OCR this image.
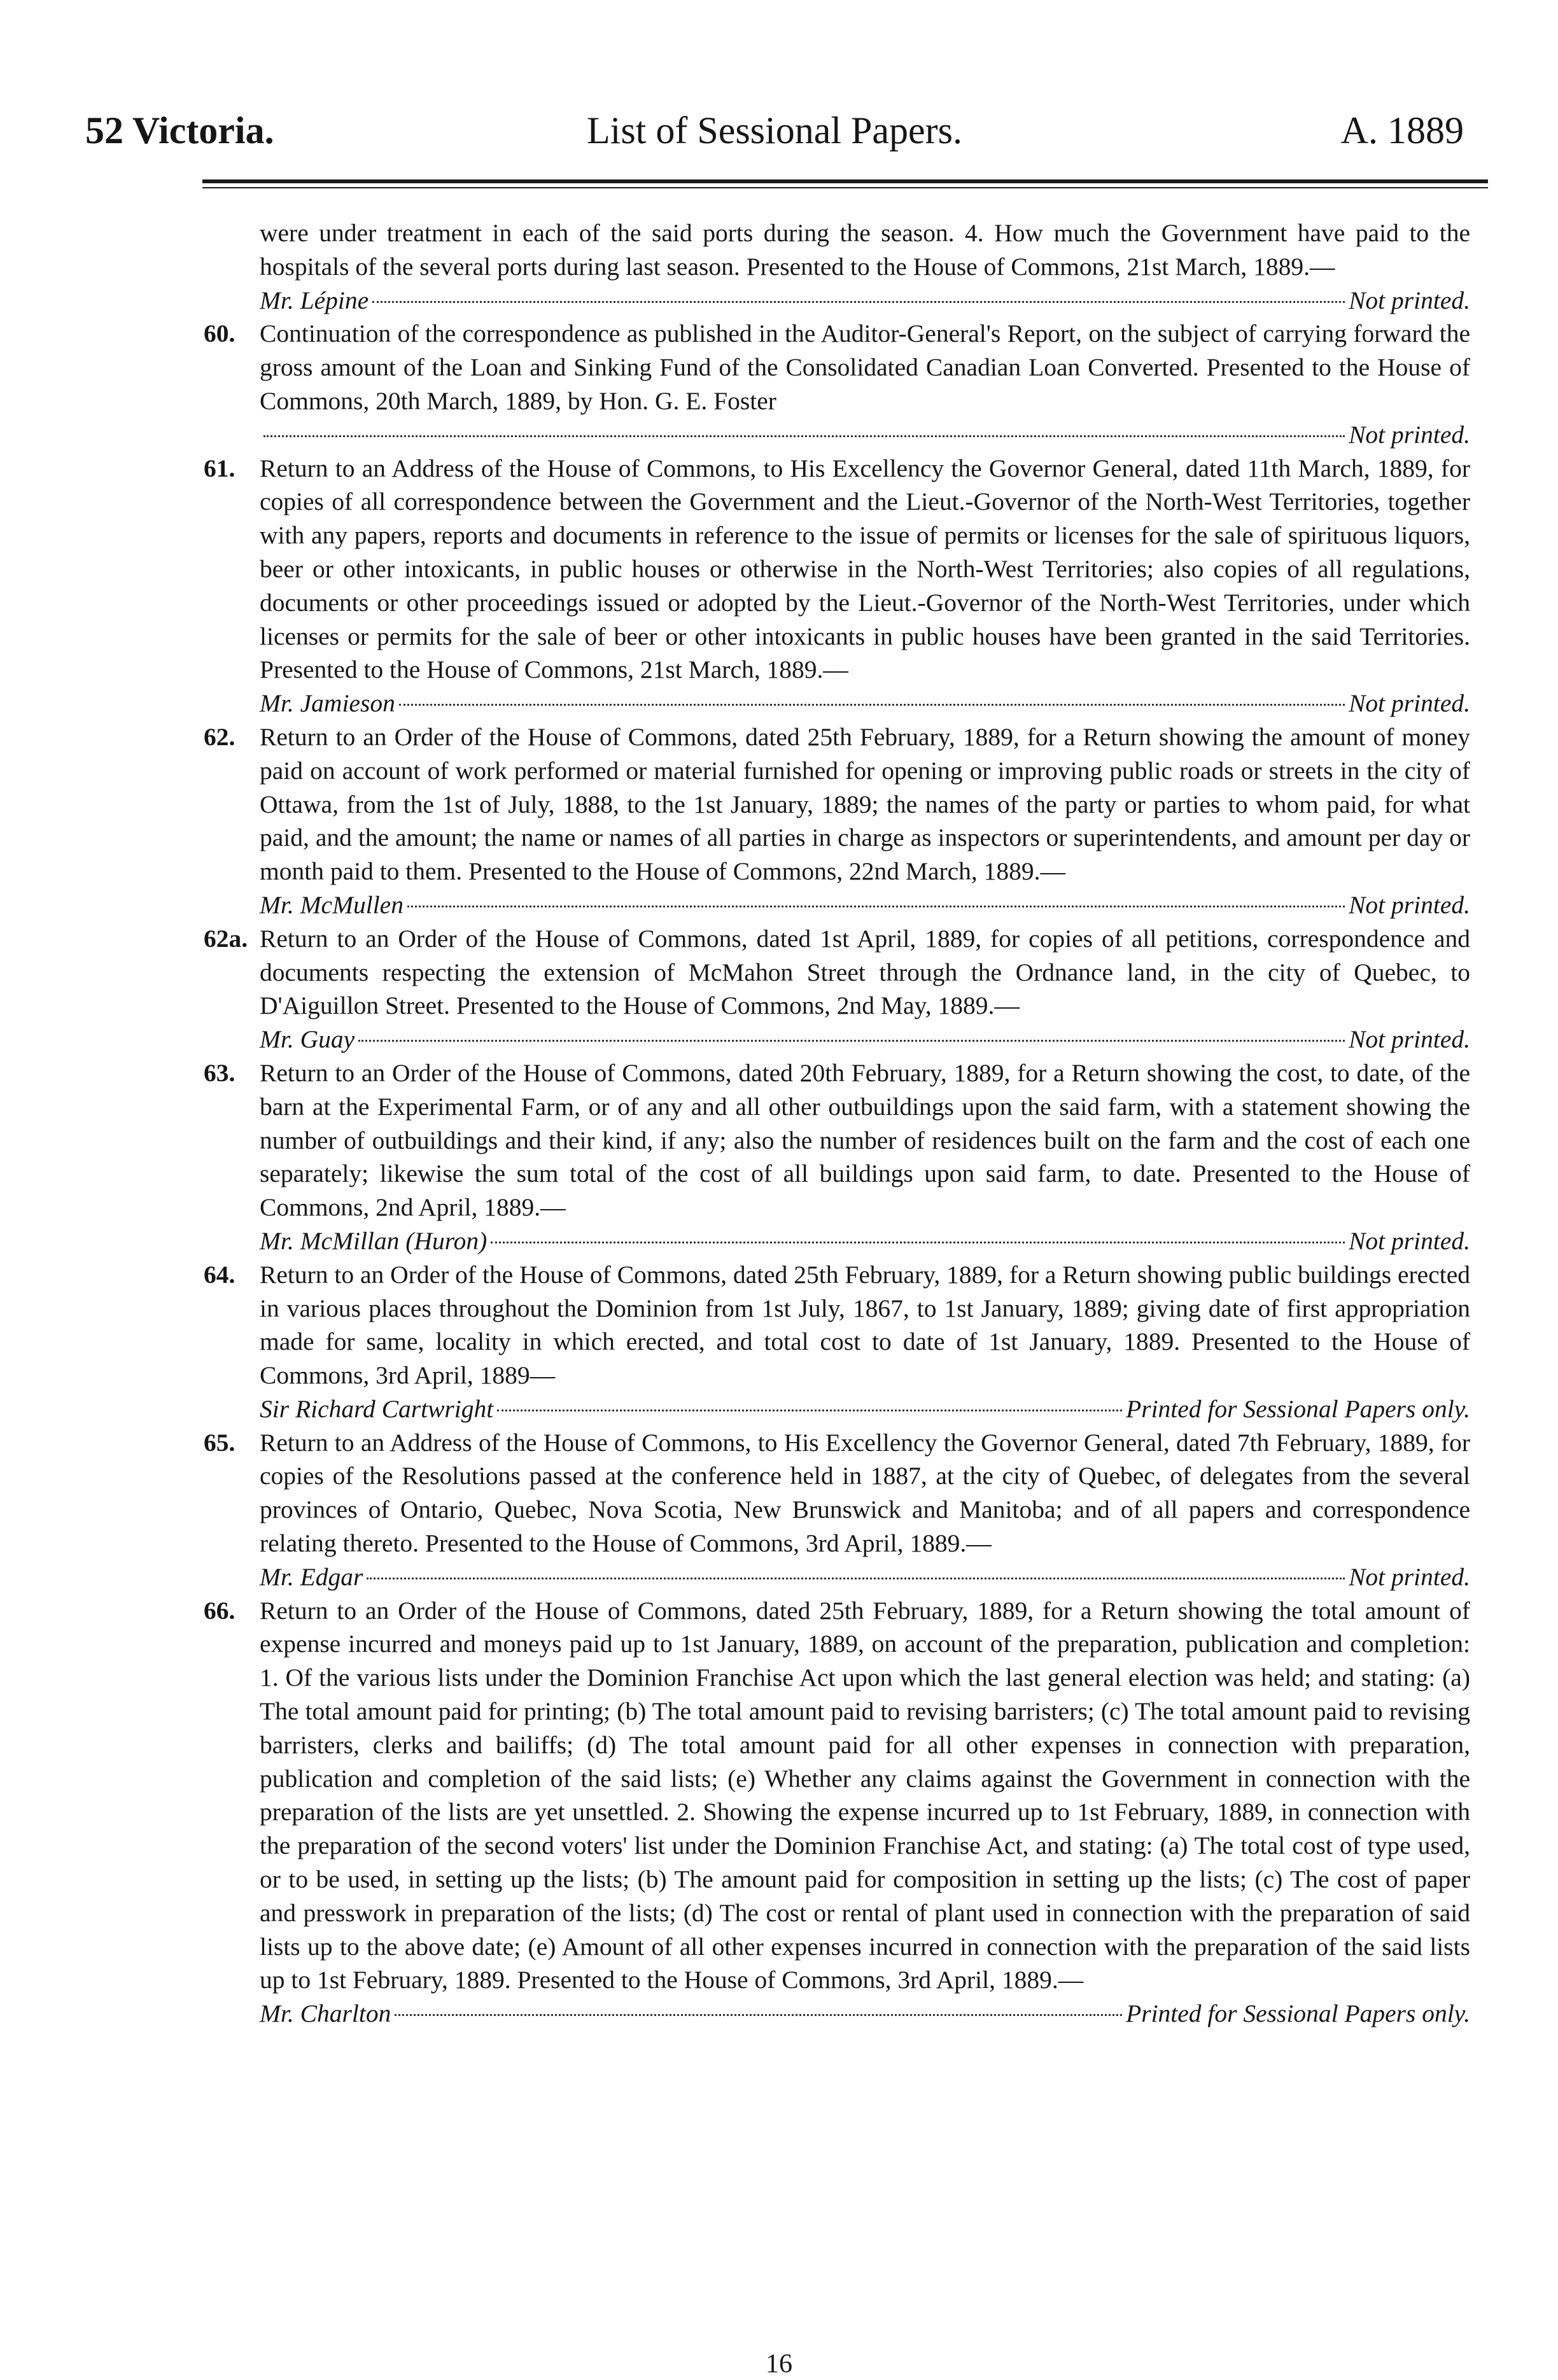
52 Victoria.	List of Sessional Papers.	A. 1889
were under treatment in each of the said ports during the season. 4. How much the Government have paid to the hospitals of the several ports during last season. Presented to the House of Commons, 21st March, 1889.—
Mr. Lépine	Not printed.
60. Continuation of the correspondence as published in the Auditor-General's Report, on the subject of carrying forward the gross amount of the Loan and Sinking Fund of the Consolidated Canadian Loan Converted. Presented to the House of Commons, 20th March, 1889, by Hon. G. E. Foster
Not printed.
61. Return to an Address of the House of Commons, to His Excellency the Governor General, dated 11th March, 1889, for copies of all correspondence between the Government and the Lieut.-Governor of the North-West Territories, together with any papers, reports and documents in reference to the issue of permits or licenses for the sale of spirituous liquors, beer or other intoxicants, in public houses or otherwise in the North-West Territories; also copies of all regulations, documents or other proceedings issued or adopted by the Lieut.-Governor of the North-West Territories, under which licenses or permits for the sale of beer or other intoxicants in public houses have been granted in the said Territories. Presented to the House of Commons, 21st March, 1889.—
Mr. Jamieson	Not printed.
62. Return to an Order of the House of Commons, dated 25th February, 1889, for a Return showing the amount of money paid on account of work performed or material furnished for opening or improving public roads or streets in the city of Ottawa, from the 1st of July, 1888, to the 1st January, 1889; the names of the party or parties to whom paid, for what paid, and the amount; the name or names of all parties in charge as inspectors or superintendents, and amount per day or month paid to them. Presented to the House of Commons, 22nd March, 1889.—
Mr. McMullen	Not printed.
62a. Return to an Order of the House of Commons, dated 1st April, 1889, for copies of all petitions, correspondence and documents respecting the extension of McMahon Street through the Ordnance land, in the city of Quebec, to D'Aiguillon Street. Presented to the House of Commons, 2nd May, 1889.—
Mr. Guay	Not printed.
63. Return to an Order of the House of Commons, dated 20th February, 1889, for a Return showing the cost, to date, of the barn at the Experimental Farm, or of any and all other outbuildings upon the said farm, with a statement showing the number of outbuildings and their kind, if any; also the number of residences built on the farm and the cost of each one separately; likewise the sum total of the cost of all buildings upon said farm, to date. Presented to the House of Commons, 2nd April, 1889.—
Mr. McMillan (Huron)	Not printed.
64. Return to an Order of the House of Commons, dated 25th February, 1889, for a Return showing public buildings erected in various places throughout the Dominion from 1st July, 1867, to 1st January, 1889; giving date of first appropriation made for same, locality in which erected, and total cost to date of 1st January, 1889. Presented to the House of Commons, 3rd April, 1889—
Sir Richard Cartwright	Printed for Sessional Papers only.
65. Return to an Address of the House of Commons, to His Excellency the Governor General, dated 7th February, 1889, for copies of the Resolutions passed at the conference held in 1887, at the city of Quebec, of delegates from the several provinces of Ontario, Quebec, Nova Scotia, New Brunswick and Manitoba; and of all papers and correspondence relating thereto. Presented to the House of Commons, 3rd April, 1889.—
Mr. Edgar	Not printed.
66. Return to an Order of the House of Commons, dated 25th February, 1889, for a Return showing the total amount of expense incurred and moneys paid up to 1st January, 1889, on account of the preparation, publication and completion: 1. Of the various lists under the Dominion Franchise Act upon which the last general election was held; and stating: (a) The total amount paid for printing; (b) The total amount paid to revising barristers; (c) The total amount paid to revising barristers, clerks and bailiffs; (d) The total amount paid for all other expenses in connection with preparation, publication and completion of the said lists; (e) Whether any claims against the Government in connection with the preparation of the lists are yet unsettled. 2. Showing the expense incurred up to 1st February, 1889, in connection with the preparation of the second voters' list under the Dominion Franchise Act, and stating: (a) The total cost of type used, or to be used, in setting up the lists; (b) The amount paid for composition in setting up the lists; (c) The cost of paper and presswork in preparation of the lists; (d) The cost or rental of plant used in connection with the preparation of said lists up to the above date; (e) Amount of all other expenses incurred in connection with the preparation of the said lists up to 1st February, 1889. Presented to the House of Commons, 3rd April, 1889.—
Mr. Charlton	Printed for Sessional Papers only.
16
